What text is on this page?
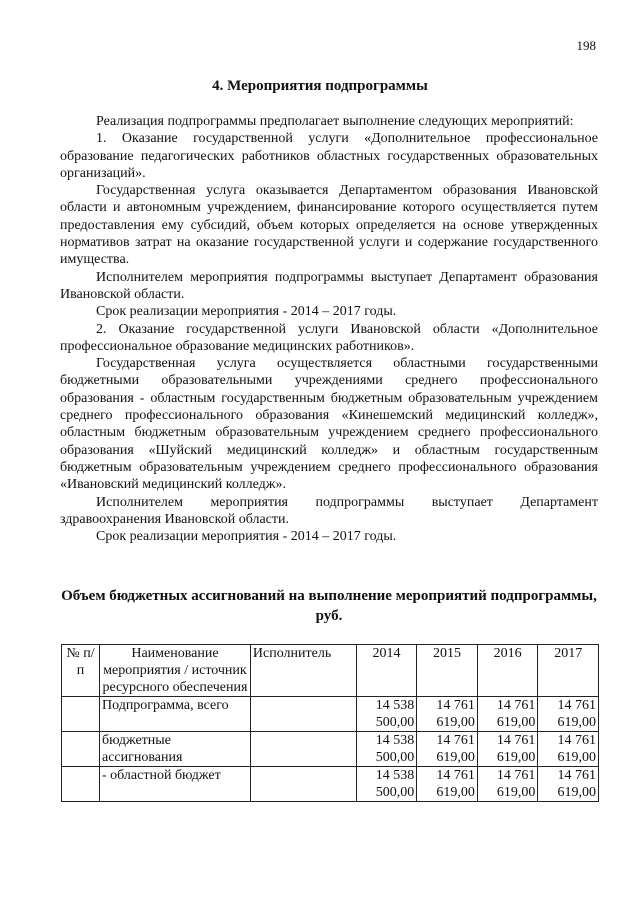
198
4. Мероприятия подпрограммы

Реализация подпрограммы предполагает выполнение следующих мероприятий:

1. Оказание государственной услуги «Дополнительное профессиональное образование педагогических работников областных государственных образовательных организаций».

Государственная услуга оказывается Департаментом образования Ивановской области и автономным учреждением, финансирование которого осуществляется путем предоставления ему субсидий, объем которых определяется на основе утвержденных нормативов затрат на оказание государственной услуги и содержание государственного имущества.

Исполнителем мероприятия подпрограммы выступает Департамент образования Ивановской области.

Срок реализации мероприятия - 2014 – 2017 годы.

2. Оказание государственной услуги Ивановской области «Дополнительное профессиональное образование медицинских работников».

Государственная услуга осуществляется областными государственными бюджетными образовательными учреждениями среднего профессионального образования - областным государственным бюджетным образовательным учреждением среднего профессионального образования «Кинешемский медицинский колледж», областным бюджетным образовательным учреждением среднего профессионального образования «Шуйский медицинский колледж» и областным государственным бюджетным образовательным учреждением среднего профессионального образования «Ивановский медицинский колледж».

Исполнителем мероприятия подпрограммы выступает Департамент здравоохранения Ивановской области.

Срок реализации мероприятия - 2014 – 2017 годы.

Объем бюджетных ассигнований на выполнение мероприятий подпрограммы, руб.
№ п/п	Наименование мероприятия / источник ресурсного обеспечения	Исполнитель	2014	2015	2016	2017
	Подпрограмма, всего		14 538 500,00	14 761 619,00	14 761 619,00	14 761 619,00
	бюджетные ассигнования		14 538 500,00	14 761 619,00	14 761 619,00	14 761 619,00
	- областной бюджет		14 538 500,00	14 761 619,00	14 761 619,00	14 761 619,00
